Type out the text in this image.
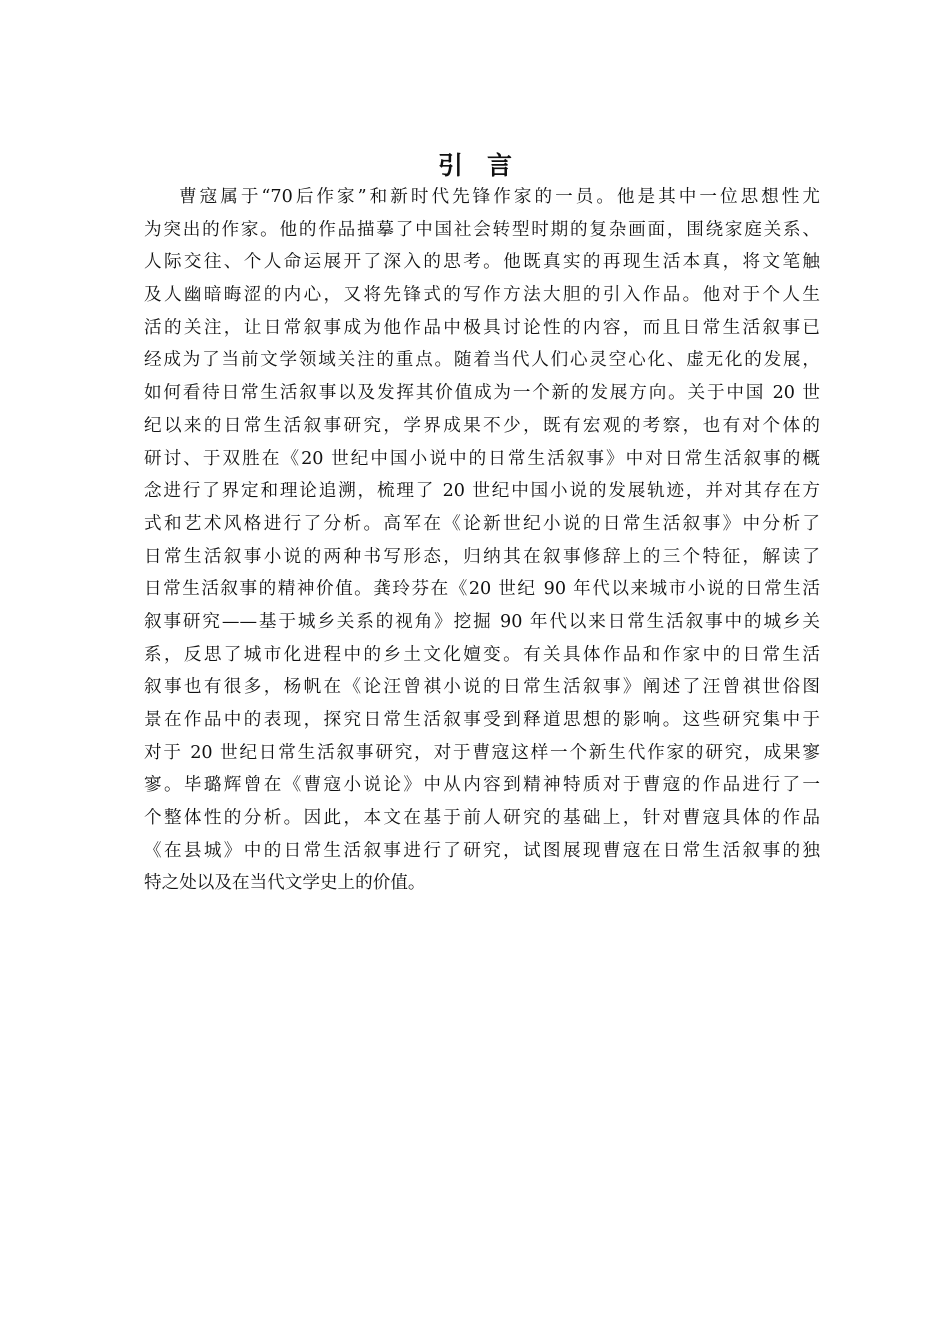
引言
曹寇属于“70后作家”和新时代先锋作家的一员。他是其中一位思想性尤
为突出的作家。他的作品描摹了中国社会转型时期的复杂画面，围绕家庭关系、
人际交往、个人命运展开了深入的思考。他既真实的再现生活本真，将文笔触
及人幽暗晦涩的内心，又将先锋式的写作方法大胆的引入作品。他对于个人生
活的关注，让日常叙事成为他作品中极具讨论性的内容，而且日常生活叙事已
经成为了当前文学领域关注的重点。随着当代人们心灵空心化、虚无化的发展，
如何看待日常生活叙事以及发挥其价值成为一个新的发展方向。关于中国 20 世
纪以来的日常生活叙事研究，学界成果不少，既有宏观的考察，也有对个体的
研讨、于双胜在《20 世纪中国小说中的日常生活叙事》中对日常生活叙事的概
念进行了界定和理论追溯，梳理了 20 世纪中国小说的发展轨迹，并对其存在方
式和艺术风格进行了分析。高军在《论新世纪小说的日常生活叙事》中分析了
日常生活叙事小说的两种书写形态，归纳其在叙事修辞上的三个特征，解读了
日常生活叙事的精神价值。龚玲芬在《20 世纪 90 年代以来城市小说的日常生活
叙事研究——基于城乡关系的视角》挖掘 90 年代以来日常生活叙事中的城乡关
系，反思了城市化进程中的乡土文化嬗变。有关具体作品和作家中的日常生活
叙事也有很多，杨帆在《论汪曾祺小说的日常生活叙事》阐述了汪曾祺世俗图
景在作品中的表现，探究日常生活叙事受到释道思想的影响。这些研究集中于
对于 20 世纪日常生活叙事研究，对于曹寇这样一个新生代作家的研究，成果寥
寥。毕璐辉曾在《曹寇小说论》中从内容到精神特质对于曹寇的作品进行了一
个整体性的分析。因此，本文在基于前人研究的基础上，针对曹寇具体的作品
《在县城》中的日常生活叙事进行了研究，试图展现曹寇在日常生活叙事的独
特之处以及在当代文学史上的价值。
